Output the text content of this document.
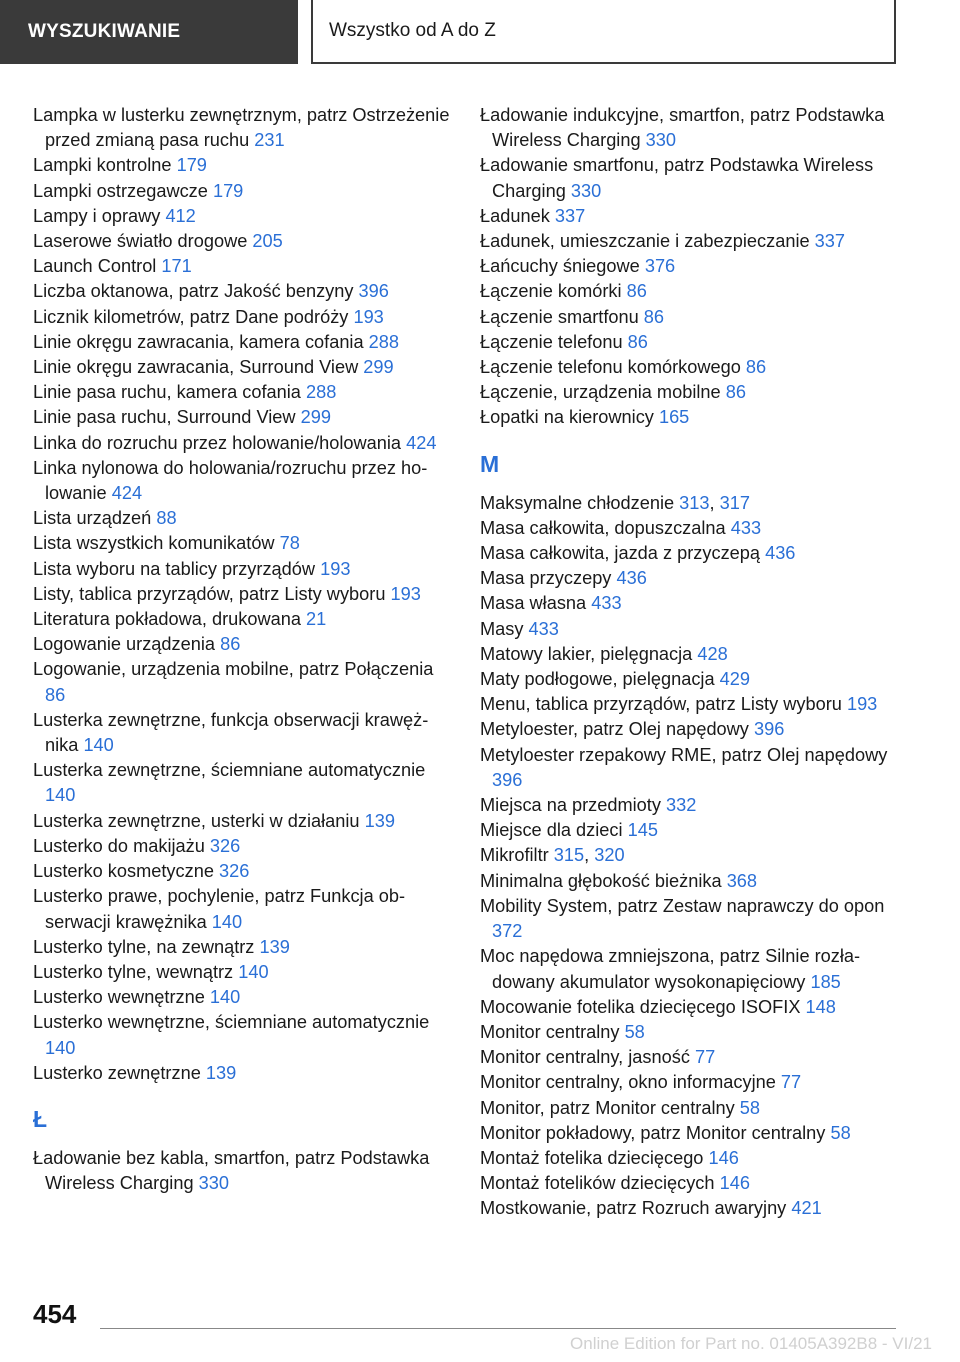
WYSZUKIWANIE	Wszystko od A do Z
Lampka w lusterku zewnętrznym, patrz Ostrzeżenie przed zmianą pasa ruchu 231
Lampki kontrolne 179
Lampki ostrzegawcze 179
Lampy i oprawy 412
Laserowe światło drogowe 205
Launch Control 171
Liczba oktanowa, patrz Jakość benzyny 396
Licznik kilometrów, patrz Dane podróży 193
Linie okręgu zawracania, kamera cofania 288
Linie okręgu zawracania, Surround View 299
Linie pasa ruchu, kamera cofania 288
Linie pasa ruchu, Surround View 299
Linka do rozruchu przez holowanie/holowania 424
Linka nylonowa do holowania/rozruchu przez holowanie 424
Lista urządzeń 88
Lista wszystkich komunikatów 78
Lista wyboru na tablicy przyrządów 193
Listy, tablica przyrządów, patrz Listy wyboru 193
Literatura pokładowa, drukowana 21
Logowanie urządzenia 86
Logowanie, urządzenia mobilne, patrz Połączenia 86
Lusterka zewnętrzne, funkcja obserwacji krawężnika 140
Lusterka zewnętrzne, ściemniane automatycznie 140
Lusterka zewnętrzne, usterki w działaniu 139
Lusterko do makijażu 326
Lusterko kosmetyczne 326
Lusterko prawe, pochylenie, patrz Funkcja obserwacji krawężnika 140
Lusterko tylne, na zewnątrz 139
Lusterko tylne, wewnątrz 140
Lusterko wewnętrzne 140
Lusterko wewnętrzne, ściemniane automatycznie 140
Lusterko zewnętrzne 139
Ł
Ładowanie bez kabla, smartfon, patrz Podstawka Wireless Charging 330
Ładowanie indukcyjne, smartfon, patrz Podstawka Wireless Charging 330
Ładowanie smartfonu, patrz Podstawka Wireless Charging 330
Ładunek 337
Ładunek, umieszczanie i zabezpieczanie 337
Łańcuchy śniegowe 376
Łączenie komórki 86
Łączenie smartfonu 86
Łączenie telefonu 86
Łączenie telefonu komórkowego 86
Łączenie, urządzenia mobilne 86
Łopatki na kierownicy 165
M
Maksymalne chłodzenie 313, 317
Masa całkowita, dopuszczalna 433
Masa całkowita, jazda z przyczepą 436
Masa przyczepy 436
Masa własna 433
Masy 433
Matowy lakier, pielęgnacja 428
Maty podłogowe, pielęgnacja 429
Menu, tablica przyrządów, patrz Listy wyboru 193
Metyloester, patrz Olej napędowy 396
Metyloester rzepakowy RME, patrz Olej napędowy 396
Miejsca na przedmioty 332
Miejsce dla dzieci 145
Mikrofiltr 315, 320
Minimalna głębokość bieżnika 368
Mobility System, patrz Zestaw naprawczy do opon 372
Moc napędowa zmniejszona, patrz Silnie rozładowany akumulator wysokonapięciowy 185
Mocowanie fotelika dziecięcego ISOFIX 148
Monitor centralny 58
Monitor centralny, jasność 77
Monitor centralny, okno informacyjne 77
Monitor, patrz Monitor centralny 58
Monitor pokładowy, patrz Monitor centralny 58
Montaż fotelika dziecięcego 146
Montaż fotelików dziecięcych 146
Mostkowanie, patrz Rozruch awaryjny 421
454
Online Edition for Part no. 01405A392B8 - VI/21
